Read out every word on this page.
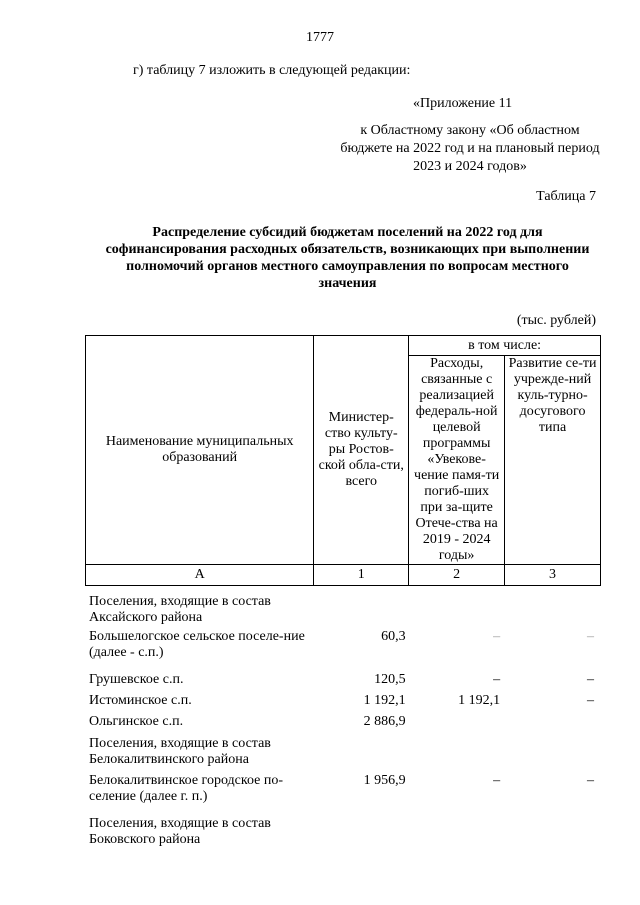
1777
г) таблицу 7 изложить в следующей редакции:
«Приложение 11
к Областному закону «Об областном бюджете на 2022 год и на плановый период 2023 и 2024 годов»
Таблица 7
Распределение субсидий бюджетам поселений на 2022 год для софинансирования расходных обязательств, возникающих при выполнении полномочий органов местного самоуправления по вопросам местного значения
(тыс. рублей)
Наименование муниципальных образований	Министер-ство культу-ры Ростов-ской обла-сти, всего	в том числе:	
		Расходы, связанные с реализацией федераль-ной целевой программы «Увекове-чение памя-ти погиб-ших при за-щите Отече-ства на 2019 - 2024 годы»	Развитие се-ти учрежде-ний куль-турно-досугового типа
А	1	2	3
Поселения, входящие в состав Аксайского района			
Большелогское сельское поселе-ние (далее - с.п.)	60,3	–	–
Грушевское с.п.	120,5	–	–
Истоминское с.п.	1 192,1	1 192,1	–
Ольгинское с.п.	2 886,9		
Поселения, входящие в состав Белокалитвинского района			
Белокалитвинское городское по-селение (далее г. п.)	1 956,9	–	–
Поселения, входящие в состав Боковского района			
